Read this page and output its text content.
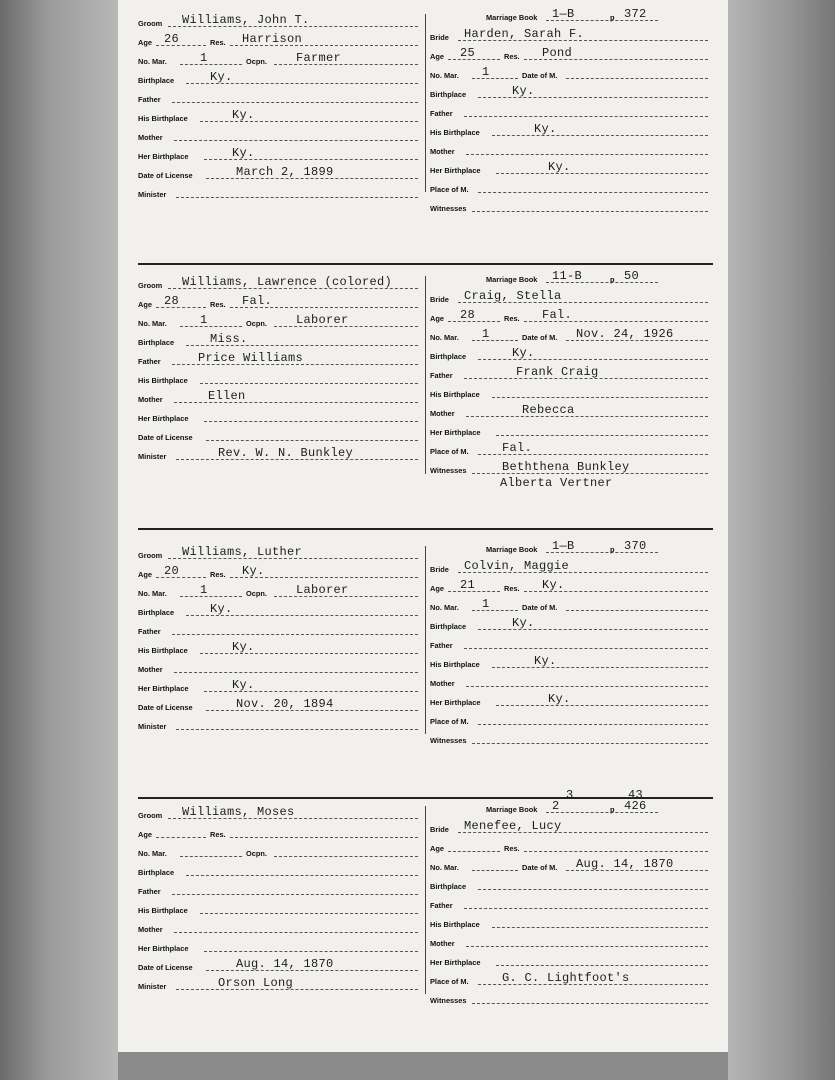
Groom Williams, John T.
Age 26	Res. Harrison
No. Mar.	1	Ocpn. Farmer
Birthplace	Ky.
Father
His Birthplace	Ky.
Mother
Her Birthplace	Ky.
Date of License	March 2, 1899
Minister
Marriage Book 1—B	p 372
Bride Harden, Sarah F.
Age 25	Res. Pond
No. Mar. 1	Date of M.
Birthplace	Ky.
Father
His Birthplace	Ky.
Mother
Her Birthplace	Ky.
Place of M.
Witnesses
Groom Williams, Lawrence (colored)
Age 28	Res. Fal.
No. Mar.	1	Ocpn. Laborer
Birthplace	Miss.
Father	Price Williams
His Birthplace
Mother	Ellen
Her Birthplace
Date of License
Minister	Rev. W. N. Bunkley
Marriage Book 11-B	p 50
Bride Craig, Stella
Age 28	Res. Fal.
No. Mar. 1	Date of M. Nov. 24, 1926
Birthplace	Ky.
Father	Frank Craig
His Birthplace
Mother	Rebecca
Her Birthplace
Place of M.	Fal.
Witnesses	Beththena Bunkley
Alberta Vertner
Groom Williams, Luther
Age 20	Res. Ky.
No. Mar.	1	Ocpn. Laborer
Birthplace	Ky.
Father
His Birthplace	Ky.
Mother
Her Birthplace	Ky.
Date of License	Nov. 20, 1894
Minister
Marriage Book 1—B	p 370
Bride Colvin, Maggie
Age 21	Res. Ky.
No. Mar. 1	Date of M.
Birthplace	Ky.
Father
His Birthplace	Ky.
Mother
Her Birthplace	Ky.
Place of M.
Witnesses
Groom Williams, Moses
Age	Res.
No. Mar.	Ocpn.
Birthplace
Father
His Birthplace
Mother
Her Birthplace
Date of License	Aug. 14, 1870
Minister	Orson Long
Marriage Book 2	p 426
3	43
Bride Menefee, Lucy
Age	Res.
No. Mar.	Date of M. Aug. 14, 1870
Birthplace
Father
His Birthplace
Mother
Her Birthplace
Place of M.	G. C. Lightfoot's
Witnesses
